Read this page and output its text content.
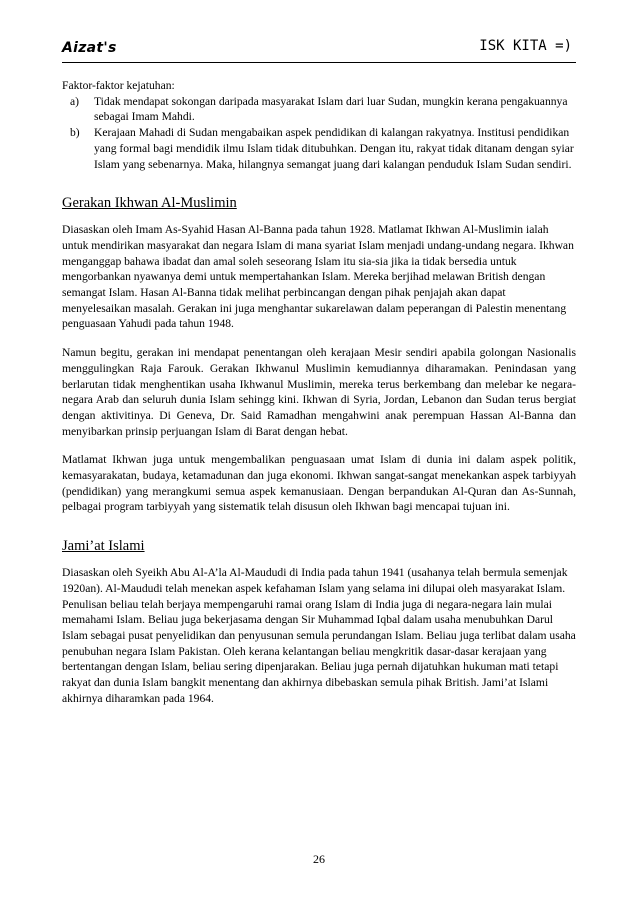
Aizat's	ISK KITA =)

Faktor-faktor kejatuhan:

a) Tidak mendapat sokongan daripada masyarakat Islam dari luar Sudan, mungkin kerana pengakuannya sebagai Imam Mahdi.
b) Kerajaan Mahadi di Sudan mengabaikan aspek pendidikan di kalangan rakyatnya. Institusi pendidikan yang formal bagi mendidik ilmu Islam tidak ditubuhkan. Dengan itu, rakyat tidak ditanam dengan syiar Islam yang sebenarnya. Maka, hilangnya semangat juang dari kalangan penduduk Islam Sudan sendiri.
Gerakan Ikhwan Al-Muslimin

Diasaskan oleh Imam As-Syahid Hasan Al-Banna pada tahun 1928. Matlamat Ikhwan Al-Muslimin ialah untuk mendirikan masyarakat dan negara Islam di mana syariat Islam menjadi undang-undang negara. Ikhwan menganggap bahawa ibadat dan amal soleh seseorang Islam itu sia-sia jika ia tidak bersedia untuk mengorbankan nyawanya demi untuk mempertahankan Islam. Mereka berjihad melawan British dengan semangat Islam. Hasan Al-Banna tidak melihat perbincangan dengan pihak penjajah akan dapat menyelesaikan masalah. Gerakan ini juga menghantar sukarelawan dalam peperangan di Palestin menentang penguasaan Yahudi pada tahun 1948.

Namun begitu, gerakan ini mendapat penentangan oleh kerajaan Mesir sendiri apabila golongan Nasionalis menggulingkan Raja Farouk. Gerakan Ikhwanul Muslimin kemudiannya diharamakan. Penindasan yang berlarutan tidak menghentikan usaha Ikhwanul Muslimin, mereka terus berkembang dan melebar ke negara-negara Arab dan seluruh dunia Islam sehingg kini. Ikhwan di Syria, Jordan, Lebanon dan Sudan terus bergiat dengan aktivitinya. Di Geneva, Dr. Said Ramadhan mengahwini anak perempuan Hassan Al-Banna dan menyibarkan prinsip perjuangan Islam di Barat dengan hebat.

Matlamat Ikhwan juga untuk mengembalikan penguasaan umat Islam di dunia ini dalam aspek politik, kemasyarakatan, budaya, ketamadunan dan juga ekonomi. Ikhwan sangat-sangat menekankan aspek tarbiyyah (pendidikan) yang merangkumi semua aspek kemanusiaan. Dengan berpandukan Al-Quran dan As-Sunnah, pelbagai program tarbiyyah yang sistematik telah disusun oleh Ikhwan bagi mencapai tujuan ini.

Jami’at Islami

Diasaskan oleh Syeikh Abu Al-A’la Al-Maududi di India pada tahun 1941 (usahanya telah bermula semenjak 1920an). Al-Maududi telah menekan aspek kefahaman Islam yang selama ini dilupai oleh masyarakat Islam. Penulisan beliau telah berjaya mempengaruhi ramai orang Islam di India juga di negara-negara lain mulai memahami Islam. Beliau juga bekerjasama dengan Sir Muhammad Iqbal dalam usaha menubuhkan Darul Islam sebagai pusat penyelidikan dan penyusunan semula perundangan Islam. Beliau juga terlibat dalam usaha penubuhan negara Islam Pakistan. Oleh kerana kelantangan beliau mengkritik dasar-dasar kerajaan yang bertentangan dengan Islam, beliau sering dipenjarakan. Beliau juga pernah dijatuhkan hukuman mati tetapi rakyat dan dunia Islam bangkit menentang dan akhirnya dibebaskan semula pihak British. Jami’at Islami akhirnya diharamkan pada 1964.

26
